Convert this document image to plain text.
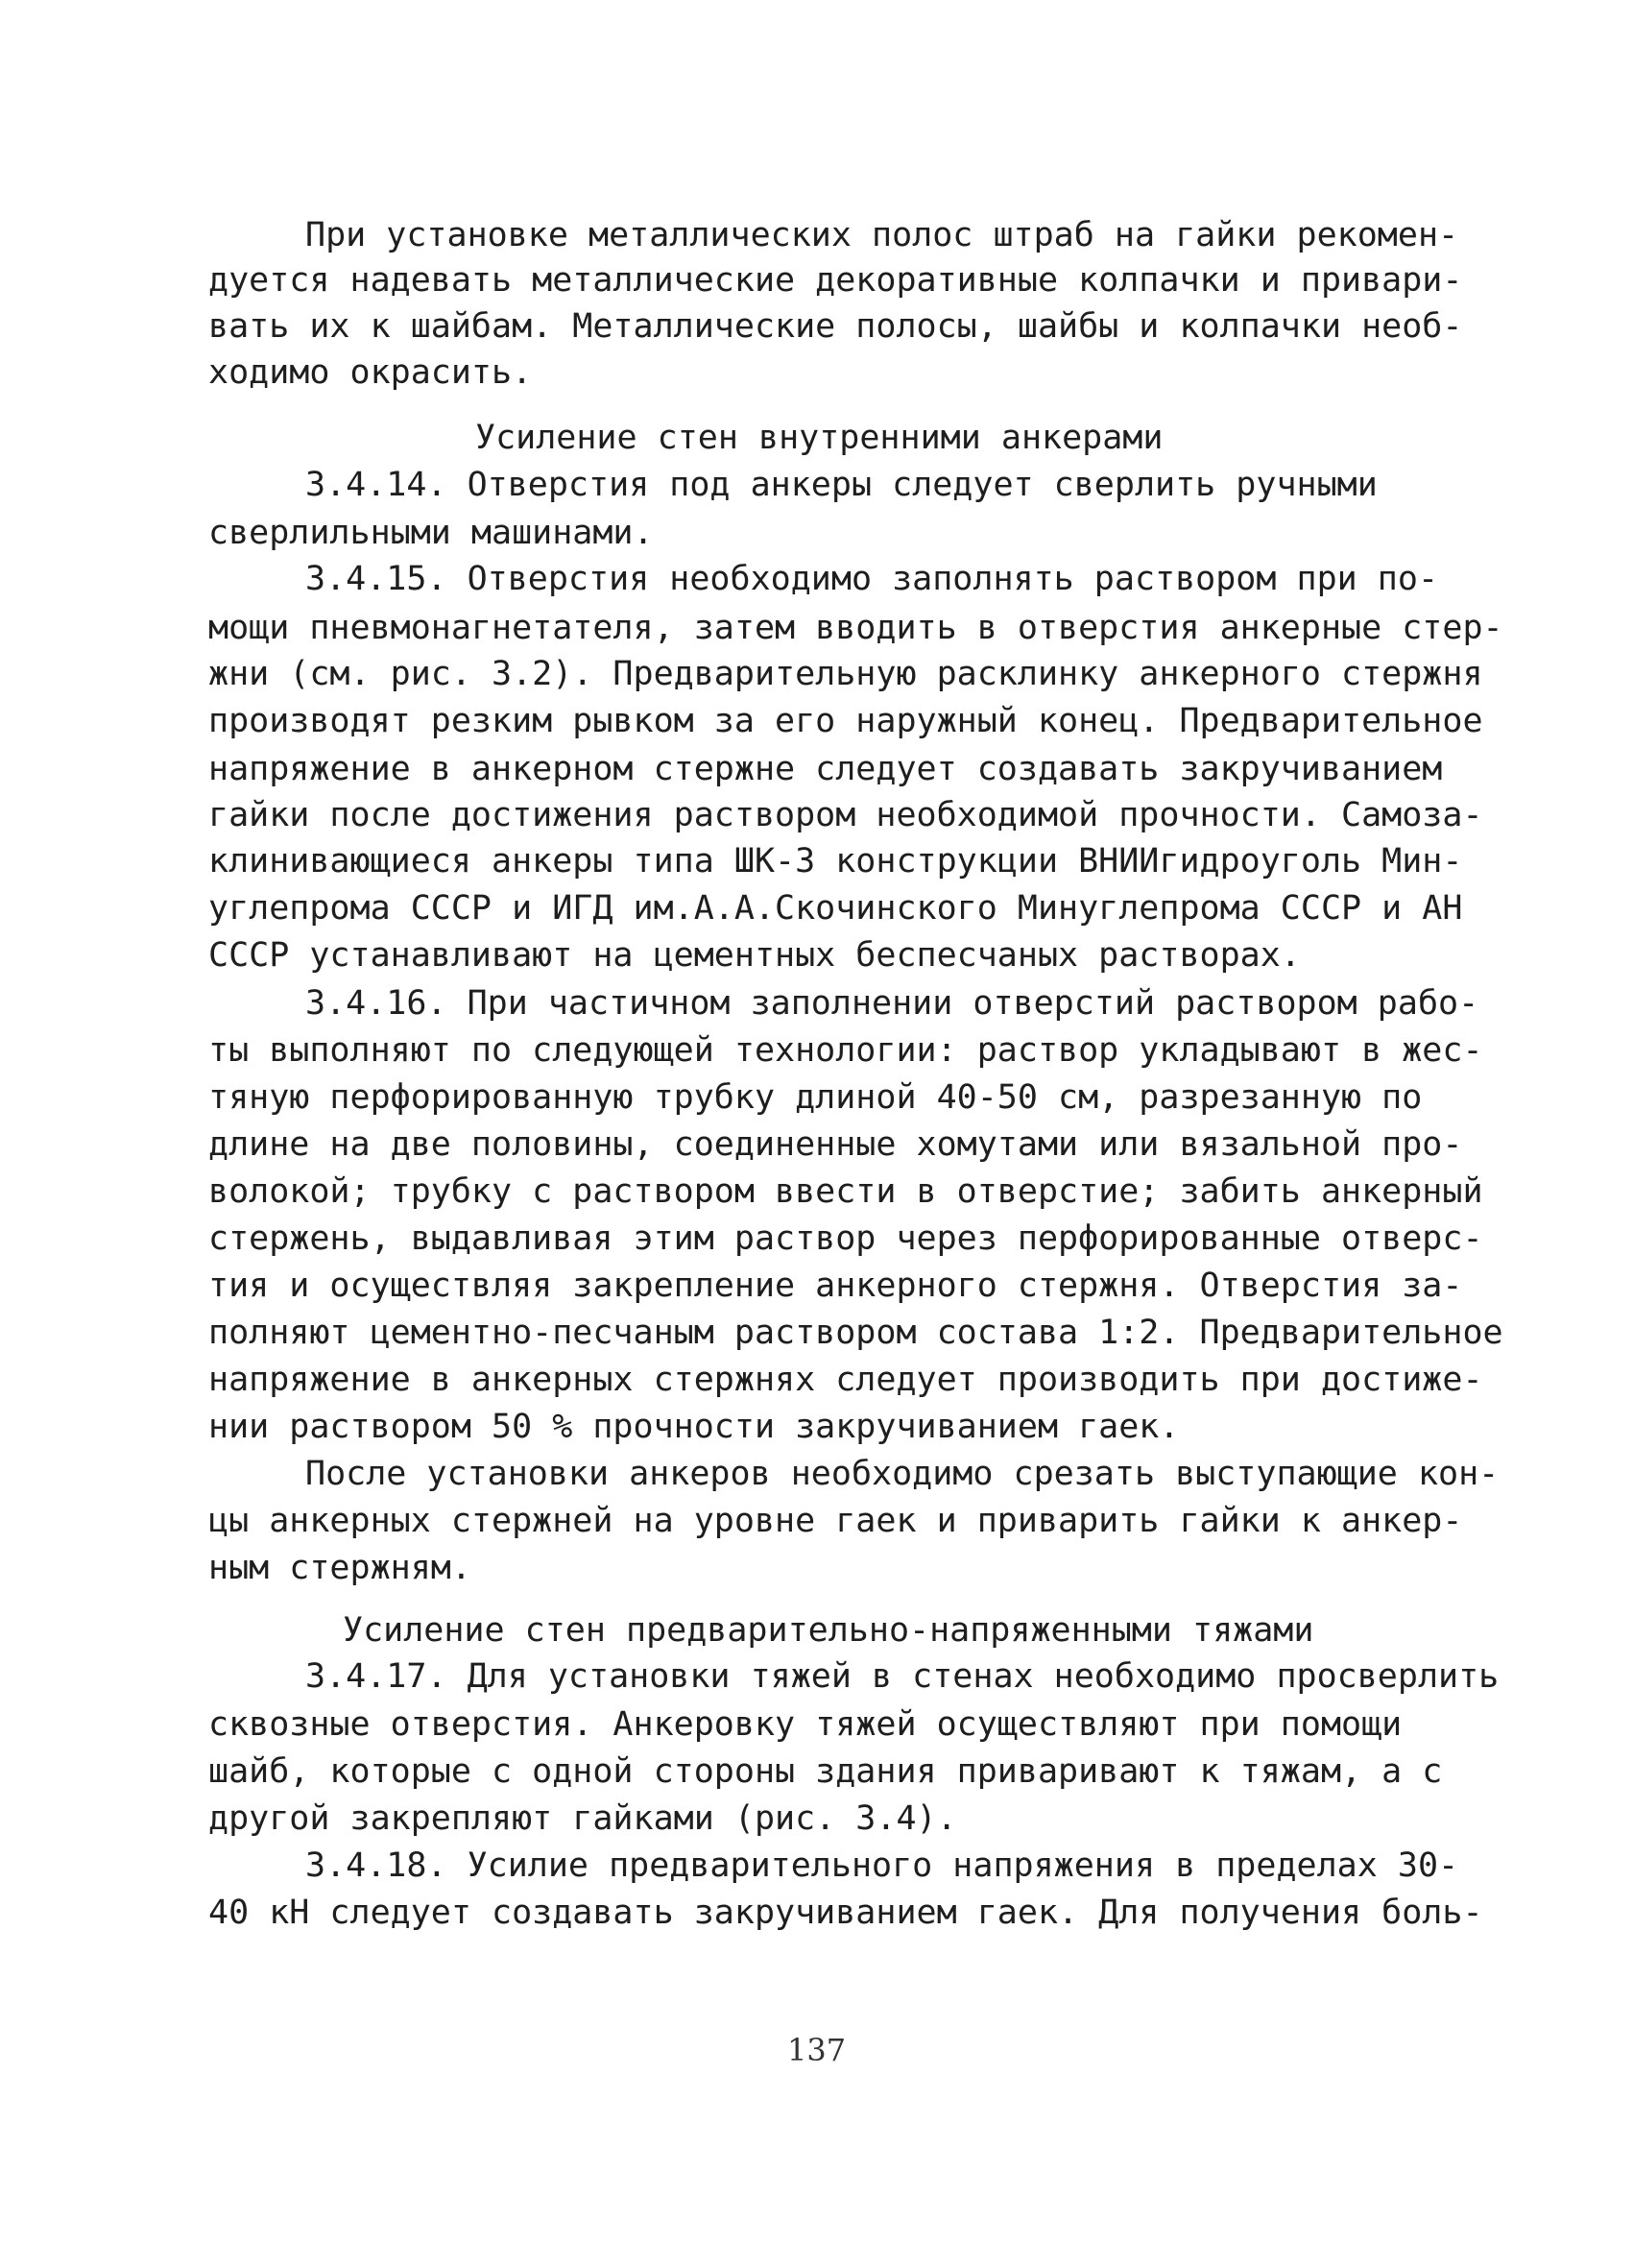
При установке металлических полос штраб на гайки рекомен-
дуется надевать металлические декоративные колпачки и привари-
вать их к шайбам. Металлические полосы, шайбы и колпачки необ-
ходимо окрасить.
Усиление стен внутренними анкерами
3.4.14. Отверстия под анкеры следует сверлить ручными
сверлильными машинами.
3.4.15. Отверстия необходимо заполнять раствором при по-
мощи пневмонагнетателя, затем вводить в отверстия анкерные стер-
жни (см. рис. 3.2). Предварительную расклинку анкерного стержня
производят резким рывком за его наружный конец. Предварительное
напряжение в анкерном стержне следует создавать закручиванием
гайки после достижения раствором необходимой прочности. Самоза-
клинивающиеся анкеры типа ШК-3 конструкции ВНИИгидроуголь Мин-
углепрома СССР и ИГД им.А.А.Скочинского Минуглепрома СССР и АН
СССР устанавливают на цементных беспесчаных растворах.
3.4.16. При частичном заполнении отверстий раствором рабо-
ты выполняют по следующей технологии: раствор укладывают в жес-
тяную перфорированную трубку длиной 40-50 см, разрезанную по
длине на две половины, соединенные хомутами или вязальной про-
волокой; трубку с раствором ввести в отверстие; забить анкерный
стержень, выдавливая этим раствор через перфорированные отверс-
тия и осуществляя закрепление анкерного стержня. Отверстия за-
полняют цементно-песчаным раствором состава 1:2. Предварительное
напряжение в анкерных стержнях следует производить при достиже-
нии раствором 50 % прочности закручиванием гаек.
После установки анкеров необходимо срезать выступающие кон-
цы анкерных стержней на уровне гаек и приварить гайки к анкер-
ным стержням.
Усиление стен предварительно-напряженными тяжами
3.4.17. Для установки тяжей в стенах необходимо просверлить
сквозные отверстия. Анкеровку тяжей осуществляют при помощи
шайб, которые с одной стороны здания приваривают к тяжам, а с
другой закрепляют гайками (рис. 3.4).
3.4.18. Усилие предварительного напряжения в пределах 30-
40 кН следует создавать закручиванием гаек. Для получения боль-
137
